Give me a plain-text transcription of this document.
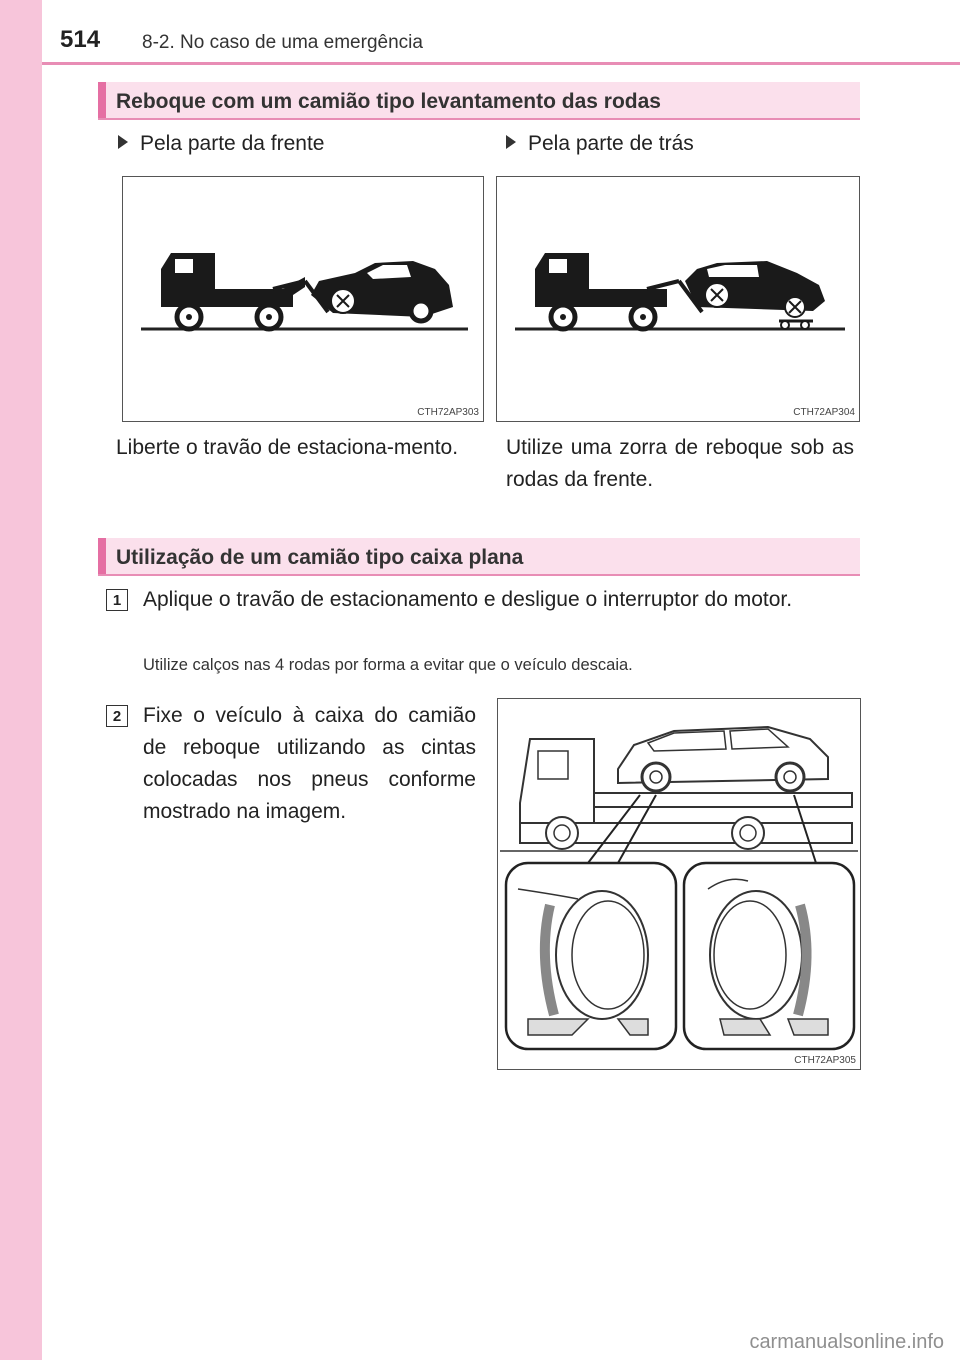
514 8-2. No caso de uma emergência
Reboque com um camião tipo levantamento das rodas
Pela parte da frente	Pela parte de trás
CTH72AP303	CTH72AP304
Liberte o travão de estaciona-mento. Utilize uma zorra de reboque sob as rodas da frente.
Utilização de um camião tipo caixa plana
1	Aplique o travão de estacionamento e desligue o interruptor do motor.
Utilize calços nas 4 rodas por forma a evitar que o veículo descaia.
2	Fixe o veículo à caixa do camião de reboque utilizando as cintas colocadas nos pneus conforme mostrado na imagem.
CTH72AP305
carmanualsonline.info
